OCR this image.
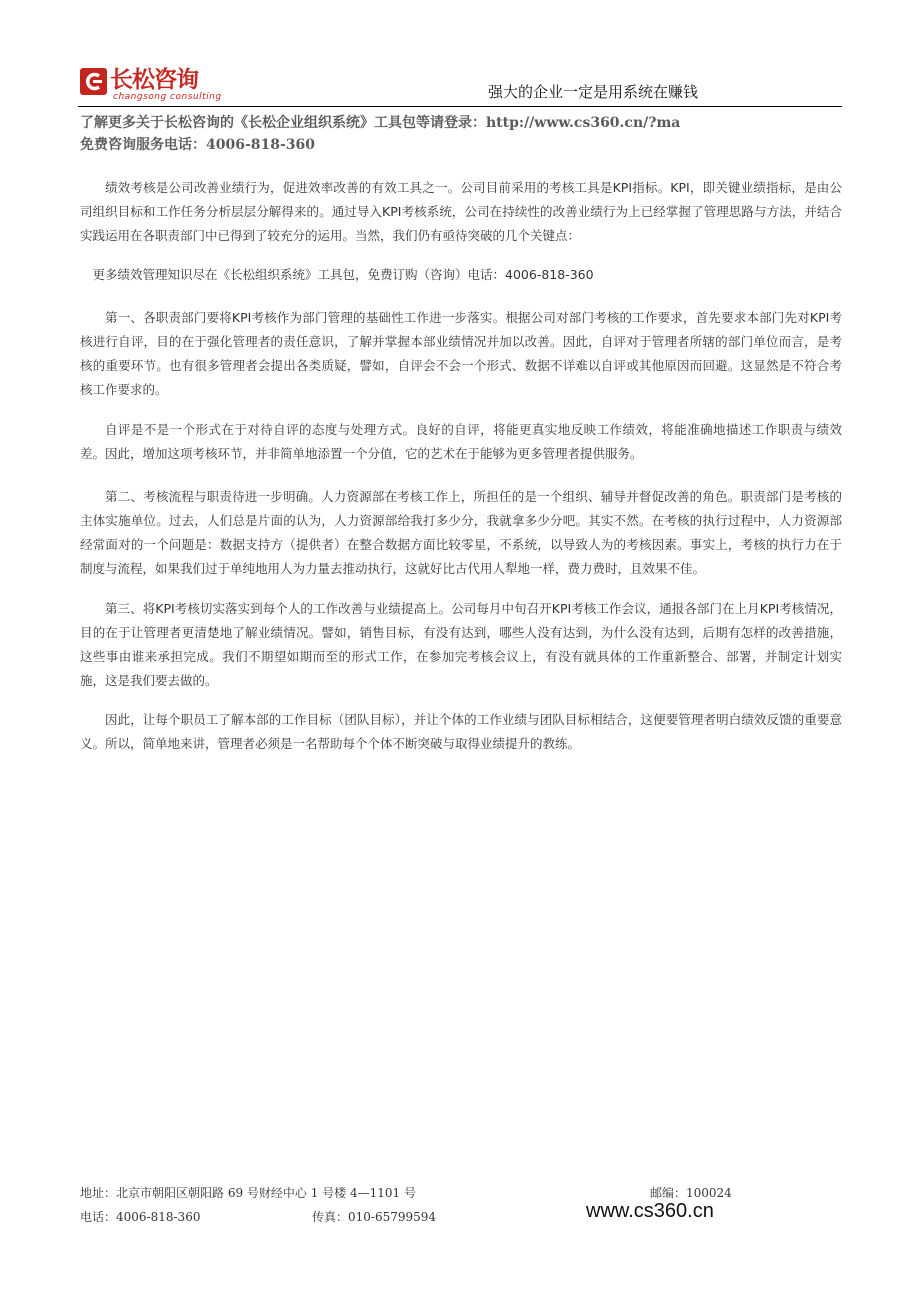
长松咨询
changsong consulting	强大的企业一定是用系统在赚钱
了解更多关于长松咨询的《长松企业组织系统》工具包等请登录：http://www.cs360.cn/?ma
免费咨询服务电话：4006-818-360

绩效考核是公司改善业绩行为，促进效率改善的有效工具之一。公司目前采用的考核工具是KPI指标。KPI，即关键业绩指标，是由公司组织目标和工作任务分析层层分解得来的。通过导入KPI考核系统，公司在持续性的改善业绩行为上已经掌握了管理思路与方法，并结合实践运用在各职责部门中已得到了较充分的运用。当然，我们仍有亟待突破的几个关键点：

更多绩效管理知识尽在《长松组织系统》工具包，免费订购（咨询）电话：4006-818-360

第一、各职责部门要将KPI考核作为部门管理的基础性工作进一步落实。根据公司对部门考核的工作要求，首先要求本部门先对KPI考核进行自评，目的在于强化管理者的责任意识，了解并掌握本部业绩情况并加以改善。因此，自评对于管理者所辖的部门单位而言，是考核的重要环节。也有很多管理者会提出各类质疑，譬如，自评会不会一个形式、数据不详难以自评或其他原因而回避。这显然是不符合考核工作要求的。

自评是不是一个形式在于对待自评的态度与处理方式。良好的自评，将能更真实地反映工作绩效，将能准确地描述工作职责与绩效差。因此，增加这项考核环节，并非简单地添置一个分值，它的艺术在于能够为更多管理者提供服务。

第二、考核流程与职责待进一步明确。人力资源部在考核工作上，所担任的是一个组织、辅导并督促改善的角色。职责部门是考核的主体实施单位。过去，人们总是片面的认为，人力资源部给我打多少分，我就拿多少分吧。其实不然。在考核的执行过程中，人力资源部经常面对的一个问题是：数据支持方（提供者）在整合数据方面比较零星，不系统，以导致人为的考核因素。事实上，考核的执行力在于制度与流程，如果我们过于单纯地用人为力量去推动执行，这就好比古代用人犁地一样，费力费时，且效果不佳。

第三、将KPI考核切实落实到每个人的工作改善与业绩提高上。公司每月中旬召开KPI考核工作会议，通报各部门在上月KPI考核情况，目的在于让管理者更清楚地了解业绩情况。譬如，销售目标，有没有达到，哪些人没有达到，为什么没有达到，后期有怎样的改善措施，这些事由谁来承担完成。我们不期望如期而至的形式工作，在参加完考核会议上，有没有就具体的工作重新整合、部署，并制定计划实施，这是我们要去做的。

因此，让每个职员工了解本部的工作目标（团队目标），并让个体的工作业绩与团队目标相结合，这便要管理者明白绩效反馈的重要意义。所以，简单地来讲，管理者必须是一名帮助每个个体不断突破与取得业绩提升的教练。

地址：北京市朝阳区朝阳路 69 号财经中心 1 号楼 4—1101 号	邮编：100024
电话：4006-818-360	传真：010-65799594	www.cs360.cn
